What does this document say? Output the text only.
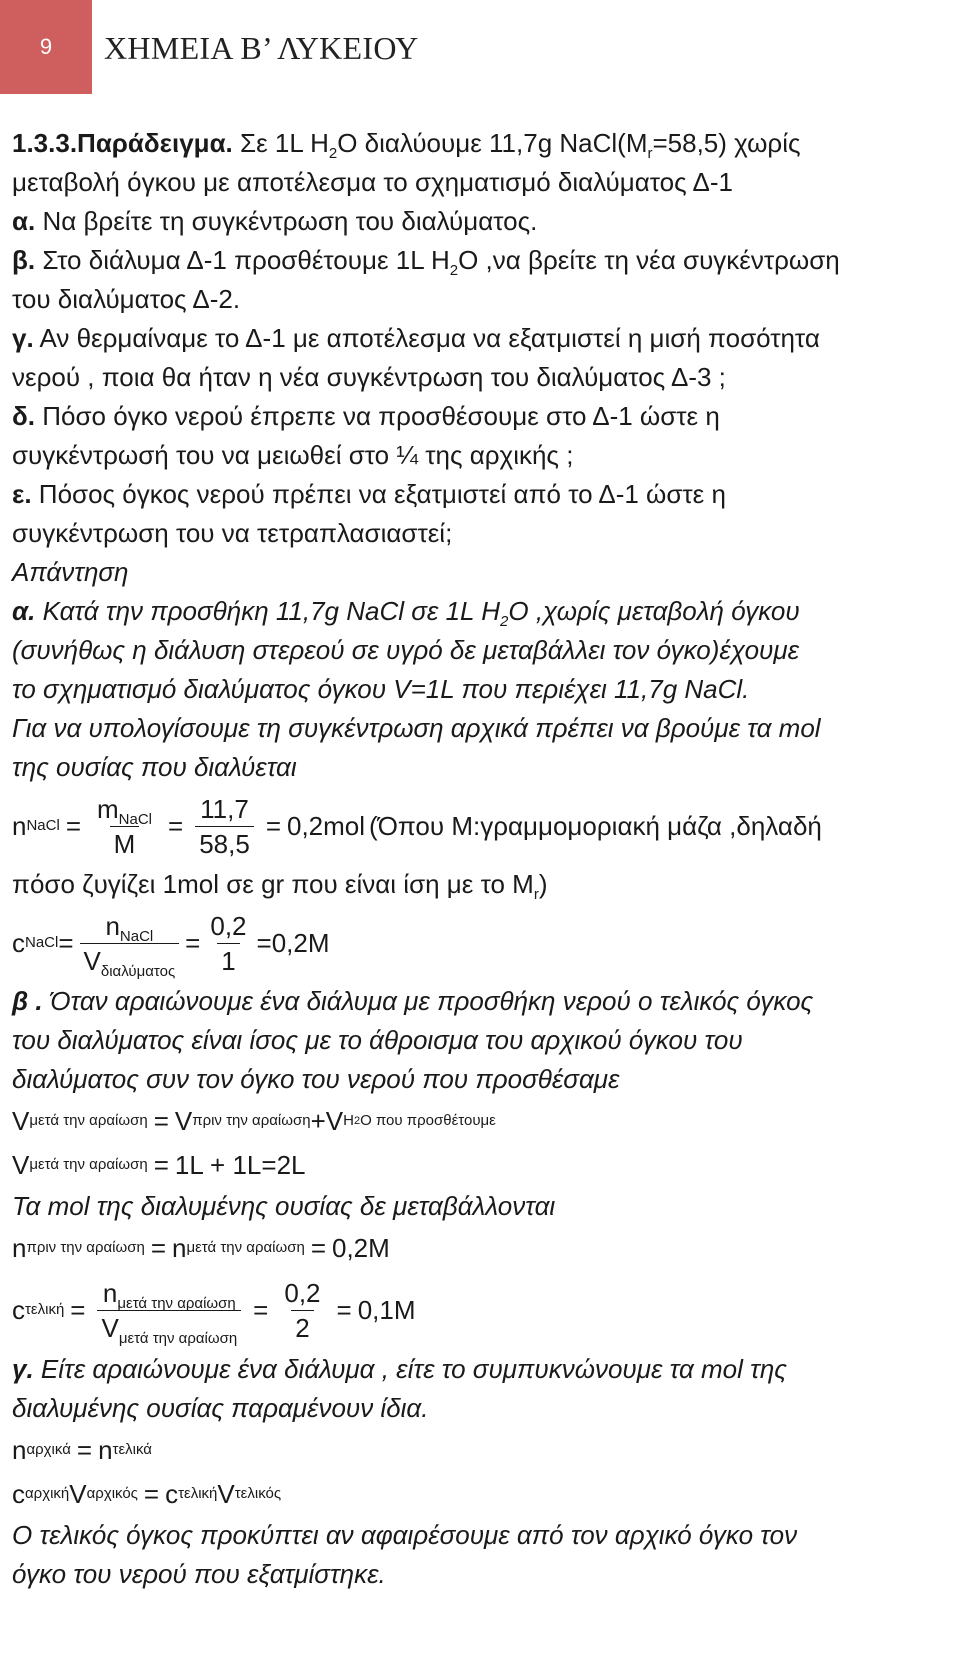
9 ΧΗΜΕΙΑ Β’ ΛΥΚΕΙΟΥ
1.3.3.Παράδειγμα. Σε 1L $H_2O$ διαλύουμε 11,7g $NaCl(M_r=58,5)$ χωρίς
μεταβολή όγκου με αποτέλεσμα το σχηματισμό διαλύματος Δ-1
α. Να βρείτε τη συγκέντρωση του διαλύματος.
β. Στο διάλυμα Δ-1 προσθέτουμε 1L $H_2O$ ,να βρείτε τη νέα συγκέντρωση
του διαλύματος Δ-2.
γ. Αν θερμαίναμε το Δ-1 με αποτέλεσμα να εξατμιστεί η μισή ποσότητα
νερού , ποια θα ήταν η νέα συγκέντρωση του διαλύματος Δ-3 ;
δ. Πόσο όγκο νερού έπρεπε να προσθέσουμε στο Δ-1 ώστε η
συγκέντρωσή του να μειωθεί στο ¼ της αρχικής ;
ε. Πόσος όγκος νερού πρέπει να εξατμιστεί από το Δ-1 ώστε η
συγκέντρωση του να τετραπλασιαστεί;
Απάντηση
α. Κατά την προσθήκη 11,7g NaCl σε 1L $H_2O$ ,χωρίς μεταβολή όγκου
(συνήθως η διάλυση στερεού σε υγρό δε μεταβάλλει τον όγκο)έχουμε
το σχηματισμό διαλύματος όγκου V=1L που περιέχει 11,7g NaCl.
Για να υπολογίσουμε τη συγκέντρωση αρχικά πρέπει να βρούμε τα mol
της ουσίας που διαλύεται
n NaCl = $\frac{m_{NaCl}}{M} = \frac{11,7}{58,5} = 0,2mol$ (Όπου M:γραμμομοριακή μάζα ,δηλαδή
πόσο ζυγίζει 1mol σε gr που είναι ίση με το $M_r$)
c NaCl = $\frac{n_{NaCl}}{V_{\delta\iota\alpha\lambda ύ\mu\alpha\tau o\varsigma}} = \frac{0,2}{1} =0,2M$
β . Όταν αραιώνουμε ένα διάλυμα με προσθήκη νερού ο τελικός όγκος
του διαλύματος είναι ίσος με το άθροισμα του αρχικού όγκου του
διαλύματος συν τον όγκο του νερού που προσθέσαμε
V μετά την αραίωση = V πριν την αραίωση + V H 2 O που προσθέτουμε
V μετά την αραίωση = 1L + 1L=2L
Τα mol της διαλυμένης ουσίας δε μεταβάλλονται
n πριν την αραίωση = n μετά την αραίωση = 0,2M
c $\tau\varepsilon\lambda\iota\kappa ή = \frac{n_{\mu\varepsilon\tau ά \tau\eta\nu \alpha\rho\alpha ί\omega\sigma\eta}}{V_{\mu\varepsilon\tau ά \tau\eta\nu \alpha\rho\alpha ί\omega\sigma\eta}} = \frac{0,2}{2} = 0,1M$
γ. Είτε αραιώνουμε ένα διάλυμα , είτε το συμπυκνώνουμε τα mol της
διαλυμένης ουσίας παραμένουν ίδια.
n αρχικά = n τελικά
c αρχική V αρχικός = c τελική V τελικός
Ο τελικός όγκος προκύπτει αν αφαιρέσουμε από τον αρχικό όγκο τον
όγκο του νερού που εξατμίστηκε.
